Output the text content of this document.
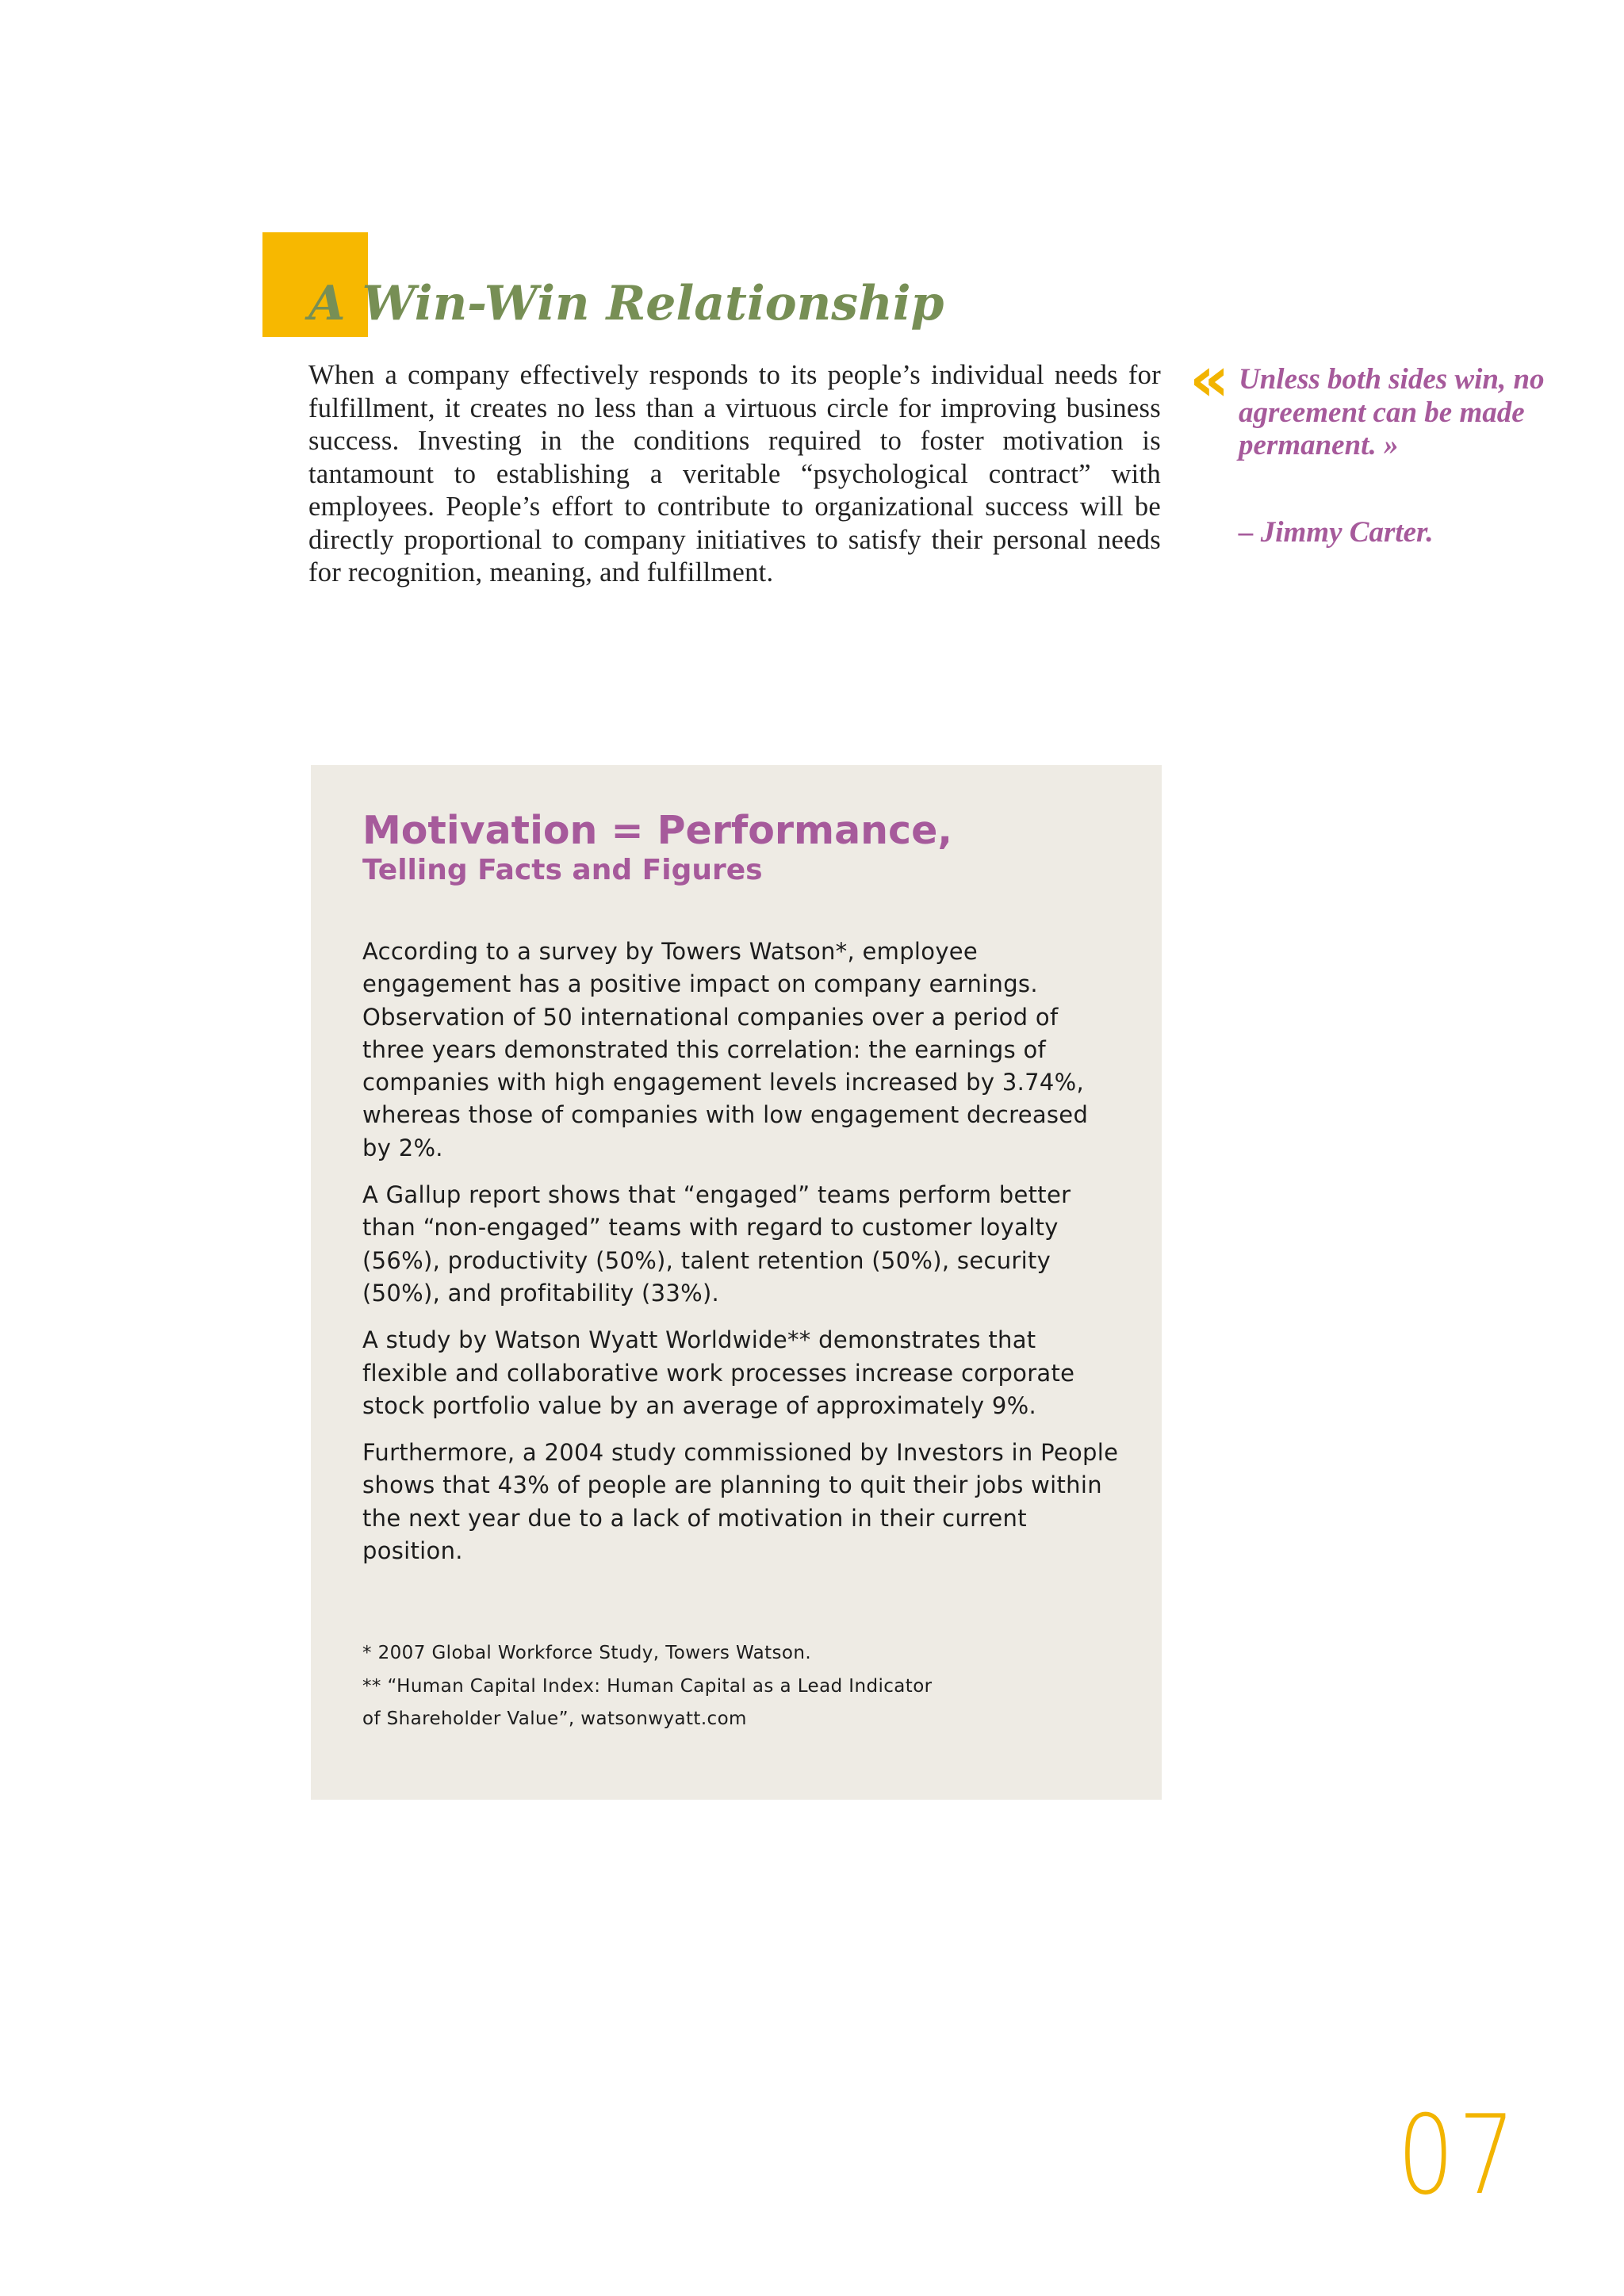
A Win-Win Relationship

When a company effectively responds to its people’s individual needs for fulfillment, it creates no less than a virtuous circle for improving business success. Investing in the conditions required to foster motivation is tantamount to establishing a veritable “psychological contract” with employees. People’s effort to contribute to organizational success will be directly proportional to company initiatives to satisfy their personal needs for recognition, meaning, and fulfillment.

« Unless both sides win, no agreement can be made permanent. »

– Jimmy Carter.

Motivation = Performance,
Telling Facts and Figures

According to a survey by Towers Watson*, employee engagement has a positive impact on company earnings. Observation of 50 international companies over a period of three years demonstrated this correlation: the earnings of companies with high engagement levels increased by 3.74%, whereas those of companies with low engagement decreased by 2%.

A Gallup report shows that “engaged” teams perform better than “non-engaged” teams with regard to customer loyalty (56%), productivity (50%), talent retention (50%), security (50%), and profitability (33%).

A study by Watson Wyatt Worldwide** demonstrates that flexible and collaborative work processes increase corporate stock portfolio value by an average of approximately 9%.

Furthermore, a 2004 study commissioned by Investors in People shows that 43% of people are planning to quit their jobs within the next year due to a lack of motivation in their current position.

* 2007 Global Workforce Study, Towers Watson.

** “Human Capital Index: Human Capital as a Lead Indicator

of Shareholder Value”, watsonwyatt.com

07
